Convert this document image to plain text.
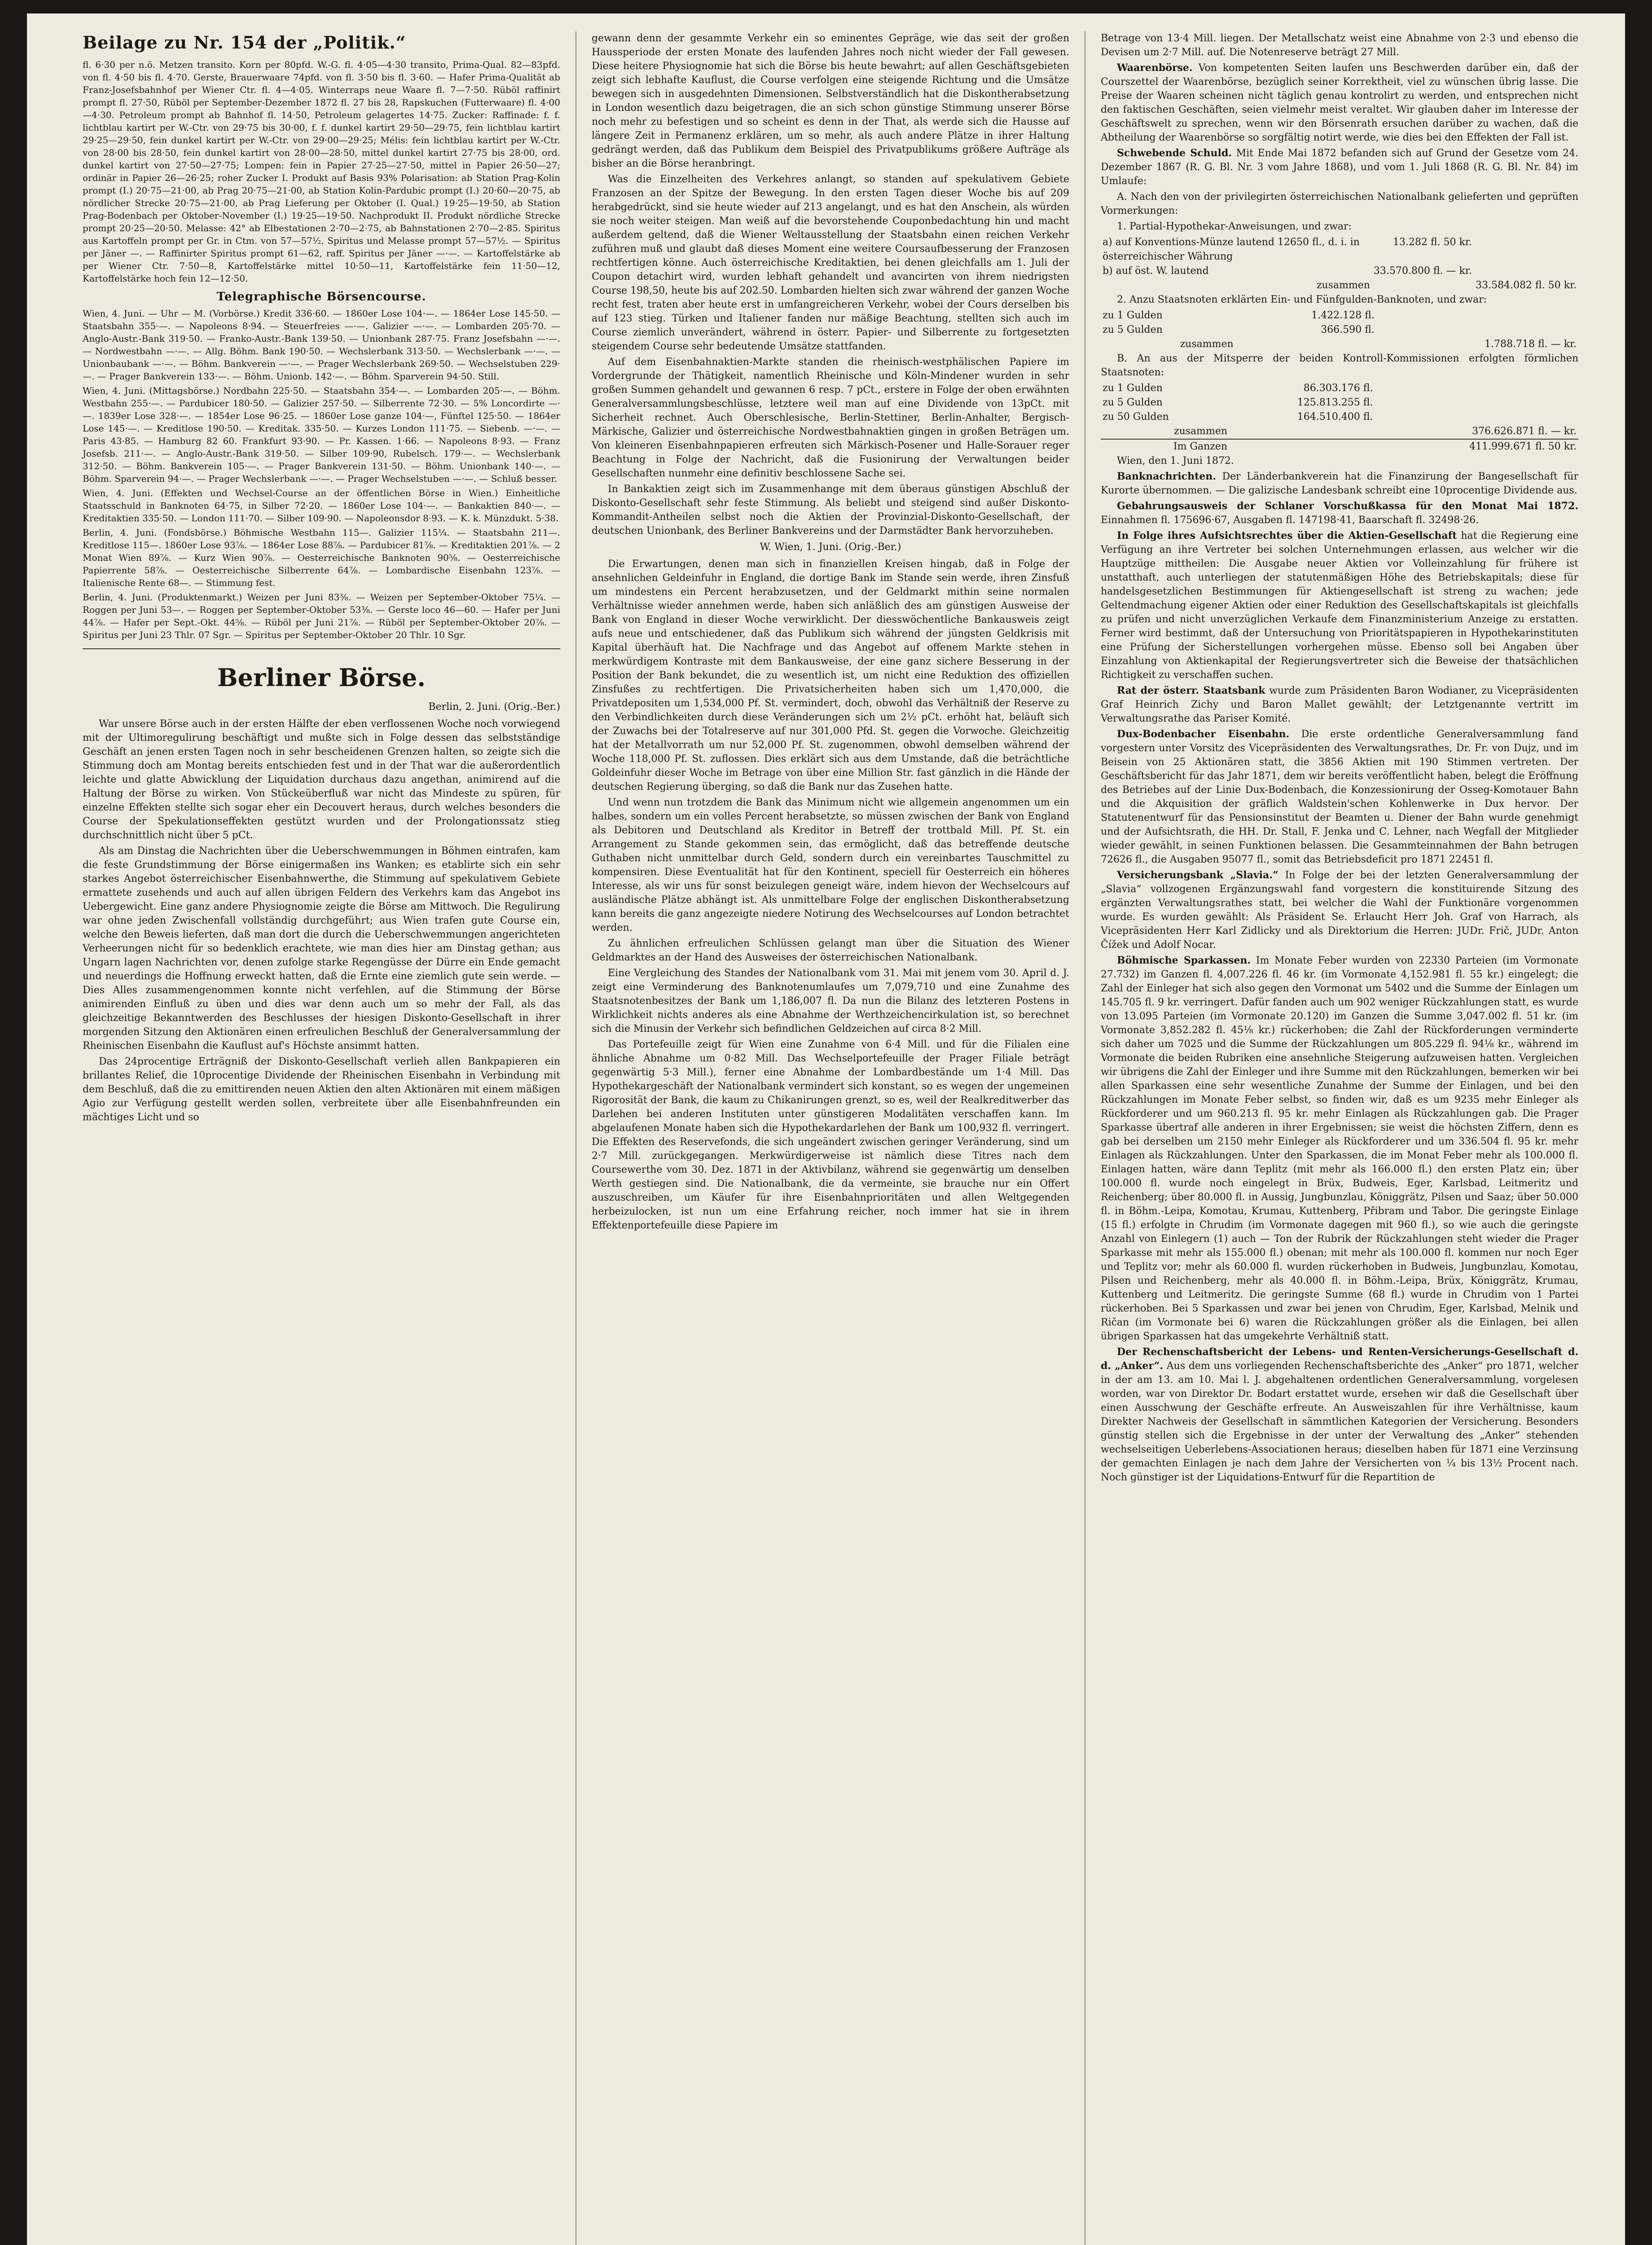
Beilage zu Nr. 154 der „Politik.“

fl. 6·30 per n.ö. Metzen transito. Korn per 80pfd. W.-G. fl. 4·05—4·30 transito, Prima-Qual. 82—83pfd. von fl. 4·50 bis fl. 4·70. Gerste, Brauerwaare 74pfd. von fl. 3·50 bis fl. 3·60. — Hafer Prima-Qualität ab Franz-Josefsbahnhof per Wiener Ctr. fl. 4—4·05. Winterraps neue Waare fl. 7—7·50. Rüböl raffinirt prompt fl. 27·50, Rüböl per September-Dezember 1872 fl. 27 bis 28, Rapskuchen (Futterwaare) fl. 4·00—4·30. Petroleum prompt ab Bahnhof fl. 14·50, Petroleum gelagertes 14·75. Zucker: Raffinade: f. f. lichtblau kartirt per W.-Ctr. von 29·75 bis 30·00, f. f. dunkel kartirt 29·50—29·75, fein lichtblau kartirt 29·25—29·50, fein dunkel kartirt per W.-Ctr. von 29·00—29·25; Mélis: fein lichtblau kartirt per W.-Ctr. von 28·00 bis 28·50, fein dunkel kartirt von 28·00—28·50, mittel dunkel kartirt 27·75 bis 28·00, ord. dunkel kartirt von 27·50—27·75; Lompen: fein in Papier 27·25—27·50, mittel in Papier 26·50—27; ordinär in Papier 26—26·25; roher Zucker I. Produkt auf Basis 93% Polarisation: ab Station Prag-Kolin prompt (I.) 20·75—21·00, ab Prag 20·75—21·00, ab Station Kolin-Pardubic prompt (I.) 20·60—20·75, ab nördlicher Strecke 20·75—21·00, ab Prag Lieferung per Oktober (I. Qual.) 19·25—19·50, ab Station Prag-Bodenbach per Oktober-November (I.) 19·25—19·50. Nachprodukt II. Produkt nördliche Strecke prompt 20·25—20·50. Melasse: 42° ab Elbestationen 2·70—2·75, ab Bahnstationen 2·70—2·85. Spiritus aus Kartoffeln prompt per Gr. in Ctm. von 57—57½. Spiritus und Melasse prompt 57—57½. — Spiritus per Jäner —. — Raffinirter Spiritus prompt 61—62, raff. Spiritus per Jäner —·—. — Kartoffelstärke ab per Wiener Ctr. 7·50—8, Kartoffelstärke mittel 10·50—11, Kartoffelstärke fein 11·50—12, Kartoffelstärke hoch fein 12—12·50.

Telegraphische Börsencourse.

Wien, 4. Juni. — Uhr — M. (Vorbörse.) Kredit 336·60. — 1860er Lose 104·—. — 1864er Lose 145·50. — Staatsbahn 355·—. — Napoleons 8·94. — Steuerfreies —·—. Galizier —·—. — Lombarden 205·70. — Anglo-Austr.-Bank 319·50. — Franko-Austr.-Bank 139·50. — Unionbank 287·75. Franz Josefsbahn —·—. — Nordwestbahn —·—. — Allg. Böhm. Bank 190·50. — Wechslerbank 313·50. — Wechslerbank —·—. — Unionbaubank —·—. — Böhm. Bankverein —·—. — Prager Wechslerbank 269·50. — Wechselstuben 229·—. — Prager Bankverein 133·—. — Böhm. Unionb. 142·—. — Böhm. Sparverein 94·50. Still.

Wien, 4. Juni. (Mittagsbörse.) Nordbahn 225·50. — Staatsbahn 354·—. — Lombarden 205·—. — Böhm. Westbahn 255·—. — Pardubicer 180·50. — Galizier 257·50. — Silberrente 72·30. — 5% Loncordirte —·—. 1839er Lose 328·—. — 1854er Lose 96·25. — 1860er Lose ganze 104·—, Fünftel 125·50. — 1864er Lose 145·—. — Kreditlose 190·50. — Kreditak. 335·50. — Kurzes London 111·75. — Siebenb. —·—. — Paris 43·85. — Hamburg 82 60. Frankfurt 93·90. — Pr. Kassen. 1·66. — Napoleons 8·93. — Franz Josefsb. 211·—. — Anglo-Austr.-Bank 319·50. — Silber 109·90, Rubelsch. 179·—. — Wechslerbank 312·50. — Böhm. Bankverein 105·—. — Prager Bankverein 131·50. — Böhm. Unionbank 140·—. — Böhm. Sparverein 94·—. — Prager Wechslerbank —·—. — Prager Wechselstuben —·—. — Schluß besser.

Wien, 4. Juni. (Effekten und Wechsel-Course an der öffentlichen Börse in Wien.) Einheitliche Staatsschuld in Banknoten 64·75, in Silber 72·20. — 1860er Lose 104·—. — Bankaktien 840·—. — Kreditaktien 335·50. — London 111·70. — Silber 109·90. — Napoleonsdor 8·93. — K. k. Münzdukt. 5·38.

Berlin, 4. Juni. (Fondsbörse.) Böhmische Westbahn 115—. Galizier 115¼. — Staatsbahn 211—. Kreditlose 115—. 1860er Lose 93⅞. — 1864er Lose 88⅞. — Pardubicer 81⅞. — Kreditaktien 201⅞. — 2 Monat Wien 89⅞. — Kurz Wien 90⅞. — Oesterreichische Banknoten 90⅝. — Oesterreichische Papierrente 58⅞. — Oesterreichische Silberrente 64⅞. — Lombardische Eisenbahn 123⅞. — Italienische Rente 68—. — Stimmung fest.

Berlin, 4. Juni. (Produktenmarkt.) Weizen per Juni 83⅜. — Weizen per September-Oktober 75¼. — Roggen per Juni 53—. — Roggen per September-Oktober 53⅜. — Gerste loco 46—60. — Hafer per Juni 44⅞. — Hafer per Sept.-Okt. 44⅝. — Rüböl per Juni 21⅞. — Rüböl per September-Oktober 20⅞. — Spiritus per Juni 23 Thlr. 07 Sgr. — Spiritus per September-Oktober 20 Thlr. 10 Sgr.

Berliner Börse.
Berlin, 2. Juni. (Orig.-Ber.)

War unsere Börse auch in der ersten Hälfte der eben verflossenen Woche noch vorwiegend mit der Ultimoregulirung beschäftigt und mußte sich in Folge dessen das selbstständige Geschäft an jenen ersten Tagen noch in sehr bescheidenen Grenzen halten, so zeigte sich die Stimmung doch am Montag bereits entschieden fest und in der That war die außerordentlich leichte und glatte Abwicklung der Liquidation durchaus dazu angethan, animirend auf die Haltung der Börse zu wirken. Von Stückeüberfluß war nicht das Mindeste zu spüren, für einzelne Effekten stellte sich sogar eher ein Decouvert heraus, durch welches besonders die Course der Spekulationseffekten gestützt wurden und der Prolongationssatz stieg durchschnittlich nicht über 5 pCt.

Als am Dinstag die Nachrichten über die Ueberschwemmungen in Böhmen eintrafen, kam die feste Grundstimmung der Börse einigermaßen ins Wanken; es etablirte sich ein sehr starkes Angebot österreichischer Eisenbahnwerthe, die Stimmung auf spekulativem Gebiete ermattete zusehends und auch auf allen übrigen Feldern des Verkehrs kam das Angebot ins Uebergewicht. Eine ganz andere Physiognomie zeigte die Börse am Mittwoch. Die Regulirung war ohne jeden Zwischenfall vollständig durchgeführt; aus Wien trafen gute Course ein, welche den Beweis lieferten, daß man dort die durch die Ueberschwemmungen angerichteten Verheerungen nicht für so bedenklich erachtete, wie man dies hier am Dinstag gethan; aus Ungarn lagen Nachrichten vor, denen zufolge starke Regengüsse der Dürre ein Ende gemacht und neuerdings die Hoffnung erweckt hatten, daß die Ernte eine ziemlich gute sein werde. — Dies Alles zusammengenommen konnte nicht verfehlen, auf die Stimmung der Börse animirenden Einfluß zu üben und dies war denn auch um so mehr der Fall, als das gleichzeitige Bekanntwerden des Beschlusses der hiesigen Diskonto-Gesellschaft in ihrer morgenden Sitzung den Aktionären einen erfreulichen Beschluß der Generalversammlung der Rheinischen Eisenbahn die Kauflust auf's Höchste ansimmt hatten.

Das 24procentige Erträgniß der Diskonto-Gesellschaft verlieh allen Bankpapieren ein brillantes Relief, die 10procentige Dividende der Rheinischen Eisenbahn in Verbindung mit dem Beschluß, daß die zu emittirenden neuen Aktien den alten Aktionären mit einem mäßigen Agio zur Verfügung gestellt werden sollen, verbreitete über alle Eisenbahnfreunden ein mächtiges Licht und so

gewann denn der gesammte Verkehr ein so eminentes Gepräge, wie das seit der großen Haussperiode der ersten Monate des laufenden Jahres noch nicht wieder der Fall gewesen. Diese heitere Physiognomie hat sich die Börse bis heute bewahrt; auf allen Geschäftsgebieten zeigt sich lebhafte Kauflust, die Course verfolgen eine steigende Richtung und die Umsätze bewegen sich in ausgedehnten Dimensionen. Selbstverständlich hat die Diskontherabsetzung in London wesentlich dazu beigetragen, die an sich schon günstige Stimmung unserer Börse noch mehr zu befestigen und so scheint es denn in der That, als werde sich die Hausse auf längere Zeit in Permanenz erklären, um so mehr, als auch andere Plätze in ihrer Haltung gedrängt werden, daß das Publikum dem Beispiel des Privatpublikums größere Aufträge als bisher an die Börse heranbringt.

Was die Einzelheiten des Verkehres anlangt, so standen auf spekulativem Gebiete Franzosen an der Spitze der Bewegung. In den ersten Tagen dieser Woche bis auf 209 herabgedrückt, sind sie heute wieder auf 213 angelangt, und es hat den Anschein, als würden sie noch weiter steigen. Man weiß auf die bevorstehende Couponbedachtung hin und macht außerdem geltend, daß die Wiener Weltausstellung der Staatsbahn einen reichen Verkehr zuführen muß und glaubt daß dieses Moment eine weitere Coursaufbesserung der Franzosen rechtfertigen könne. Auch österreichische Kreditaktien, bei denen gleichfalls am 1. Juli der Coupon detachirt wird, wurden lebhaft gehandelt und avancirten von ihrem niedrigsten Course 198,50, heute bis auf 202.50. Lombarden hielten sich zwar während der ganzen Woche recht fest, traten aber heute erst in umfangreicheren Verkehr, wobei der Cours derselben bis auf 123 stieg. Türken und Italiener fanden nur mäßige Beachtung, stellten sich auch im Course ziemlich unverändert, während in österr. Papier- und Silberrente zu fortgesetzten steigendem Course sehr bedeutende Umsätze stattfanden.

Auf dem Eisenbahnaktien-Markte standen die rheinisch-westphälischen Papiere im Vordergrunde der Thätigkeit, namentlich Rheinische und Köln-Mindener wurden in sehr großen Summen gehandelt und gewannen 6 resp. 7 pCt., erstere in Folge der oben erwähnten Generalversammlungsbeschlüsse, letztere weil man auf eine Dividende von 13pCt. mit Sicherheit rechnet. Auch Oberschlesische, Berlin-Stettiner, Berlin-Anhalter, Bergisch-Märkische, Galizier und österreichische Nordwestbahnaktien gingen in großen Beträgen um. Von kleineren Eisenbahnpapieren erfreuten sich Märkisch-Posener und Halle-Sorauer reger Beachtung in Folge der Nachricht, daß die Fusionirung der Verwaltungen beider Gesellschaften nunmehr eine definitiv beschlossene Sache sei.

In Bankaktien zeigt sich im Zusammenhange mit dem überaus günstigen Abschluß der Diskonto-Gesellschaft sehr feste Stimmung. Als beliebt und steigend sind außer Diskonto-Kommandit-Antheilen selbst noch die Aktien der Provinzial-Diskonto-Gesellschaft, der deutschen Unionbank, des Berliner Bankvereins und der Darmstädter Bank hervorzuheben.

W. Wien, 1. Juni. (Orig.-Ber.)

Die Erwartungen, denen man sich in finanziellen Kreisen hingab, daß in Folge der ansehnlichen Geldeinfuhr in England, die dortige Bank im Stande sein werde, ihren Zinsfuß um mindestens ein Percent herabzusetzen, und der Geldmarkt mithin seine normalen Verhältnisse wieder annehmen werde, haben sich anläßlich des am günstigen Ausweise der Bank von England in dieser Woche verwirklicht. Der diesswöchentliche Bankausweis zeigt aufs neue und entschiedener, daß das Publikum sich während der jüngsten Geldkrisis mit Kapital überhäuft hat. Die Nachfrage und das Angebot auf offenem Markte stehen in merkwürdigem Kontraste mit dem Bankausweise, der eine ganz sichere Besserung in der Position der Bank bekundet, die zu wesentlich ist, um nicht eine Reduktion des offiziellen Zinsfußes zu rechtfertigen. Die Privatsicherheiten haben sich um 1,470,000, die Privatdepositen um 1,534,000 Pf. St. vermindert, doch, obwohl das Verhältniß der Reserve zu den Verbindlichkeiten durch diese Veränderungen sich um 2½ pCt. erhöht hat, beläuft sich der Zuwachs bei der Totalreserve auf nur 301,000 Pfd. St. gegen die Vorwoche. Gleichzeitig hat der Metallvorrath um nur 52,000 Pf. St. zugenommen, obwohl demselben während der Woche 118,000 Pf. St. zuflossen. Dies erklärt sich aus dem Umstande, daß die beträchtliche Goldeinfuhr dieser Woche im Betrage von über eine Million Str. fast gänzlich in die Hände der deutschen Regierung überging, so daß die Bank nur das Zusehen hatte.

Und wenn nun trotzdem die Bank das Minimum nicht wie allgemein angenommen um ein halbes, sondern um ein volles Percent herabsetzte, so müssen zwischen der Bank von England als Debitoren und Deutschland als Kreditor in Betreff der trottbald Mill. Pf. St. ein Arrangement zu Stande gekommen sein, das ermöglicht, daß das betreffende deutsche Guthaben nicht unmittelbar durch Geld, sondern durch ein vereinbartes Tauschmittel zu kompensiren. Diese Eventualität hat für den Kontinent, speciell für Oesterreich ein höheres Interesse, als wir uns für sonst beizulegen geneigt wäre, indem hievon der Wechselcours auf ausländische Plätze abhängt ist. Als unmittelbare Folge der englischen Diskontherabsetzung kann bereits die ganz angezeigte niedere Notirung des Wechselcourses auf London betrachtet werden.

Zu ähnlichen erfreulichen Schlüssen gelangt man über die Situation des Wiener Geldmarktes an der Hand des Ausweises der österreichischen Nationalbank.

Eine Vergleichung des Standes der Nationalbank vom 31. Mai mit jenem vom 30. April d. J. zeigt eine Verminderung des Banknotenumlaufes um 7,079,710 und eine Zunahme des Staatsnotenbesitzes der Bank um 1,186,007 fl. Da nun die Bilanz des letzteren Postens in Wirklichkeit nichts anderes als eine Abnahme der Werthzeichencirkulation ist, so berechnet sich die Minusin der Verkehr sich befindlichen Geldzeichen auf circa 8·2 Mill.

Das Portefeuille zeigt für Wien eine Zunahme von 6·4 Mill. und für die Filialen eine ähnliche Abnahme um 0·82 Mill. Das Wechselportefeuille der Prager Filiale beträgt gegenwärtig 5·3 Mill.), ferner eine Abnahme der Lombardbestände um 1·4 Mill. Das Hypothekargeschäft der Nationalbank vermindert sich konstant, so es wegen der ungemeinen Rigorosität der Bank, die kaum zu Chikanirungen grenzt, so es, weil der Realkreditwerber das Darlehen bei anderen Instituten unter günstigeren Modalitäten verschaffen kann. Im abgelaufenen Monate haben sich die Hypothekardarlehen der Bank um 100,932 fl. verringert. Die Effekten des Reservefonds, die sich ungeändert zwischen geringer Veränderung, sind um 2·7 Mill. zurückgegangen. Merkwürdigerweise ist nämlich diese Titres nach dem Coursewerthe vom 30. Dez. 1871 in der Aktivbilanz, während sie gegenwärtig um denselben Werth gestiegen sind. Die Nationalbank, die da vermeinte, sie brauche nur ein Offert auszuschreiben, um Käufer für ihre Eisenbahnprioritäten und allen Weltgegenden herbeizulocken, ist nun um eine Erfahrung reicher, noch immer hat sie in ihrem Effektenportefeuille diese Papiere im

Betrage von 13·4 Mill. liegen. Der Metallschatz weist eine Abnahme von 2·3 und ebenso die Devisen um 2·7 Mill. auf. Die Notenreserve beträgt 27 Mill.

Waarenbörse. Von kompetenten Seiten laufen uns Beschwerden darüber ein, daß der Courszettel der Waarenbörse, bezüglich seiner Korrektheit, viel zu wünschen übrig lasse. Die Preise der Waaren scheinen nicht täglich genau kontrolirt zu werden, und entsprechen nicht den faktischen Geschäften, seien vielmehr meist veraltet. Wir glauben daher im Interesse der Geschäftswelt zu sprechen, wenn wir den Börsenrath ersuchen darüber zu wachen, daß die Abtheilung der Waarenbörse so sorgfältig notirt werde, wie dies bei den Effekten der Fall ist.

Schwebende Schuld. Mit Ende Mai 1872 befanden sich auf Grund der Gesetze vom 24. Dezember 1867 (R. G. Bl. Nr. 3 vom Jahre 1868), und vom 1. Juli 1868 (R. G. Bl. Nr. 84) im Umlaufe:

A. Nach den von der privilegirten österreichischen Nationalbank gelieferten und geprüften Vormerkungen:

1. Partial-Hypothekar-Anweisungen, und zwar:

a) auf Konventions-Münze lautend 12650 fl., d. i. in österreichischer Währung	13.282 fl. 50 kr.	
b) auf öst. W. lautend	33.570.800 fl. — kr.	
zusammen		33.584.082 fl. 50 kr.

2. Anzu Staatsnoten erklärten Ein- und Fünfgulden-Banknoten, und zwar:

zu 1 Gulden	1.422.128 fl.	
zu 5 Gulden	366.590 fl.	
zusammen		1.788.718 fl. — kr.

B. An aus der Mitsperre der beiden Kontroll-Kommissionen erfolgten förmlichen Staatsnoten:

zu 1 Gulden	86.303.176 fl.	
zu 5 Gulden	125.813.255 fl.	
zu 50 Gulden	164.510.400 fl.	
zusammen		376.626.871 fl. — kr.
Im Ganzen		411.999.671 fl. 50 kr.

Wien, den 1. Juni 1872.

Banknachrichten. Der Länderbankverein hat die Finanzirung der Bangesellschaft für Kurorte übernommen. — Die galizische Landesbank schreibt eine 10procentige Dividende aus.

Gebahrungsausweis der Schlaner Vorschußkassa für den Monat Mai 1872. Einnahmen fl. 175696·67, Ausgaben fl. 147198·41, Baarschaft fl. 32498·26.

In Folge ihres Aufsichtsrechtes über die Aktien-Gesellschaft hat die Regierung eine Verfügung an ihre Vertreter bei solchen Unternehmungen erlassen, aus welcher wir die Hauptzüge mittheilen: Die Ausgabe neuer Aktien vor Volleinzahlung für frühere ist unstatthaft, auch unterliegen der statutenmäßigen Höhe des Betriebskapitals; diese für handelsgesetzlichen Bestimmungen für Aktiengesellschaft ist streng zu wachen; jede Geltendmachung eigener Aktien oder einer Reduktion des Gesellschaftskapitals ist gleichfalls zu prüfen und nicht unverzüglichen Verkaufe dem Finanzministerium Anzeige zu erstatten. Ferner wird bestimmt, daß der Untersuchung von Prioritätspapieren in Hypothekarinstituten eine Prüfung der Sicherstellungen vorhergehen müsse. Ebenso soll bei Angaben über Einzahlung von Aktienkapital der Regierungsvertreter sich die Beweise der thatsächlichen Richtigkeit zu verschaffen suchen.

Rat der österr. Staatsbank wurde zum Präsidenten Baron Wodianer, zu Vicepräsidenten Graf Heinrich Zichy und Baron Mallet gewählt; der Letztgenannte vertritt im Verwaltungsrathe das Pariser Komité.

Dux-Bodenbacher Eisenbahn. Die erste ordentliche Generalversammlung fand vorgestern unter Vorsitz des Vicepräsidenten des Verwaltungsrathes, Dr. Fr. von Dujz, und im Beisein von 25 Aktionären statt, die 3856 Aktien mit 190 Stimmen vertreten. Der Geschäftsbericht für das Jahr 1871, dem wir bereits veröffentlicht haben, belegt die Eröffnung des Betriebes auf der Linie Dux-Bodenbach, die Konzessionirung der Osseg-Komotauer Bahn und die Akquisition der gräflich Waldstein'schen Kohlenwerke in Dux hervor. Der Statutenentwurf für das Pensionsinstitut der Beamten u. Diener der Bahn wurde genehmigt und der Aufsichtsrath, die HH. Dr. Stall, F. Jenka und C. Lehner, nach Wegfall der Mitglieder wieder gewählt, in seinen Funktionen belassen. Die Gesammteinnahmen der Bahn betrugen 72626 fl., die Ausgaben 95077 fl., somit das Betriebsdeficit pro 1871 22451 fl.

Versicherungsbank „Slavia.“ In Folge der bei der letzten Generalversammlung der „Slavia“ vollzogenen Ergänzungswahl fand vorgestern die konstituirende Sitzung des ergänzten Verwaltungsrathes statt, bei welcher die Wahl der Funktionäre vorgenommen wurde. Es wurden gewählt: Als Präsident Se. Erlaucht Herr Joh. Graf von Harrach, als Vicepräsidenten Herr Karl Zidlicky und als Direktorium die Herren: JUDr. Frič, JUDr. Anton Čížek und Adolf Nocar.

Böhmische Sparkassen. Im Monate Feber wurden von 22330 Parteien (im Vormonate 27.732) im Ganzen fl. 4,007.226 fl. 46 kr. (im Vormonate 4,152.981 fl. 55 kr.) eingelegt; die Zahl der Einleger hat sich also gegen den Vormonat um 5402 und die Summe der Einlagen um 145.705 fl. 9 kr. verringert. Dafür fanden auch um 902 weniger Rückzahlungen statt, es wurde von 13.095 Parteien (im Vormonate 20.120) im Ganzen die Summe 3,047.002 fl. 51 kr. (im Vormonate 3,852.282 fl. 45⅛ kr.) rückerhoben; die Zahl der Rückforderungen verminderte sich daher um 7025 und die Summe der Rückzahlungen um 805.229 fl. 94⅛ kr., während im Vormonate die beiden Rubriken eine ansehnliche Steigerung aufzuweisen hatten. Vergleichen wir übrigens die Zahl der Einleger und ihre Summe mit den Rückzahlungen, bemerken wir bei allen Sparkassen eine sehr wesentliche Zunahme der Summe der Einlagen, und bei den Rückzahlungen im Monate Feber selbst, so finden wir, daß es um 9235 mehr Einleger als Rückforderer und um 960.213 fl. 95 kr. mehr Einlagen als Rückzahlungen gab. Die Prager Sparkasse übertraf alle anderen in ihrer Ergebnissen; sie weist die höchsten Ziffern, denn es gab bei derselben um 2150 mehr Einleger als Rückforderer und um 336.504 fl. 95 kr. mehr Einlagen als Rückzahlungen. Unter den Sparkassen, die im Monat Feber mehr als 100.000 fl. Einlagen hatten, wäre dann Teplitz (mit mehr als 166.000 fl.) den ersten Platz ein; über 100.000 fl. wurde noch eingelegt in Brüx, Budweis, Eger, Karlsbad, Leitmeritz und Reichenberg; über 80.000 fl. in Aussig, Jungbunzlau, Königgrätz, Pilsen und Saaz; über 50.000 fl. in Böhm.-Leipa, Komotau, Krumau, Kuttenberg, Přibram und Tabor. Die geringste Einlage (15 fl.) erfolgte in Chrudim (im Vormonate dagegen mit 960 fl.), so wie auch die geringste Anzahl von Einlegern (1) auch — Ton der Rubrik der Rückzahlungen steht wieder die Prager Sparkasse mit mehr als 155.000 fl.) obenan; mit mehr als 100.000 fl. kommen nur noch Eger und Teplitz vor; mehr als 60.000 fl. wurden rückerhoben in Budweis, Jungbunzlau, Komotau, Pilsen und Reichenberg, mehr als 40.000 fl. in Böhm.-Leipa, Brüx, Königgrätz, Krumau, Kuttenberg und Leitmeritz. Die geringste Summe (68 fl.) wurde in Chrudim von 1 Partei rückerhoben. Bei 5 Sparkassen und zwar bei jenen von Chrudim, Eger, Karlsbad, Melnik und Ričan (im Vormonate bei 6) waren die Rückzahlungen größer als die Einlagen, bei allen übrigen Sparkassen hat das umgekehrte Verhältniß statt.

Der Rechenschaftsbericht der Lebens- und Renten-Versicherungs-Gesellschaft d. d. „Anker“. Aus dem uns vorliegenden Rechenschaftsberichte des „Anker“ pro 1871, welcher in der am 13. am 10. Mai l. J. abgehaltenen ordentlichen Generalversammlung, vorgelesen worden, war von Direktor Dr. Bodart erstattet wurde, ersehen wir daß die Gesellschaft über einen Ausschwung der Geschäfte erfreute. An Ausweiszahlen für ihre Verhältnisse, kaum Direkter Nachweis der Gesellschaft in sämmtlichen Kategorien der Versicherung. Besonders günstig stellen sich die Ergebnisse in der unter der Verwaltung des „Anker“ stehenden wechselseitigen Ueberlebens-Associationen heraus; dieselben haben für 1871 eine Verzinsung der gemachten Einlagen je nach dem Jahre der Versicherten von ¼ bis 13½ Procent nach. Noch günstiger ist der Liquidations-Entwurf für die Repartition de
